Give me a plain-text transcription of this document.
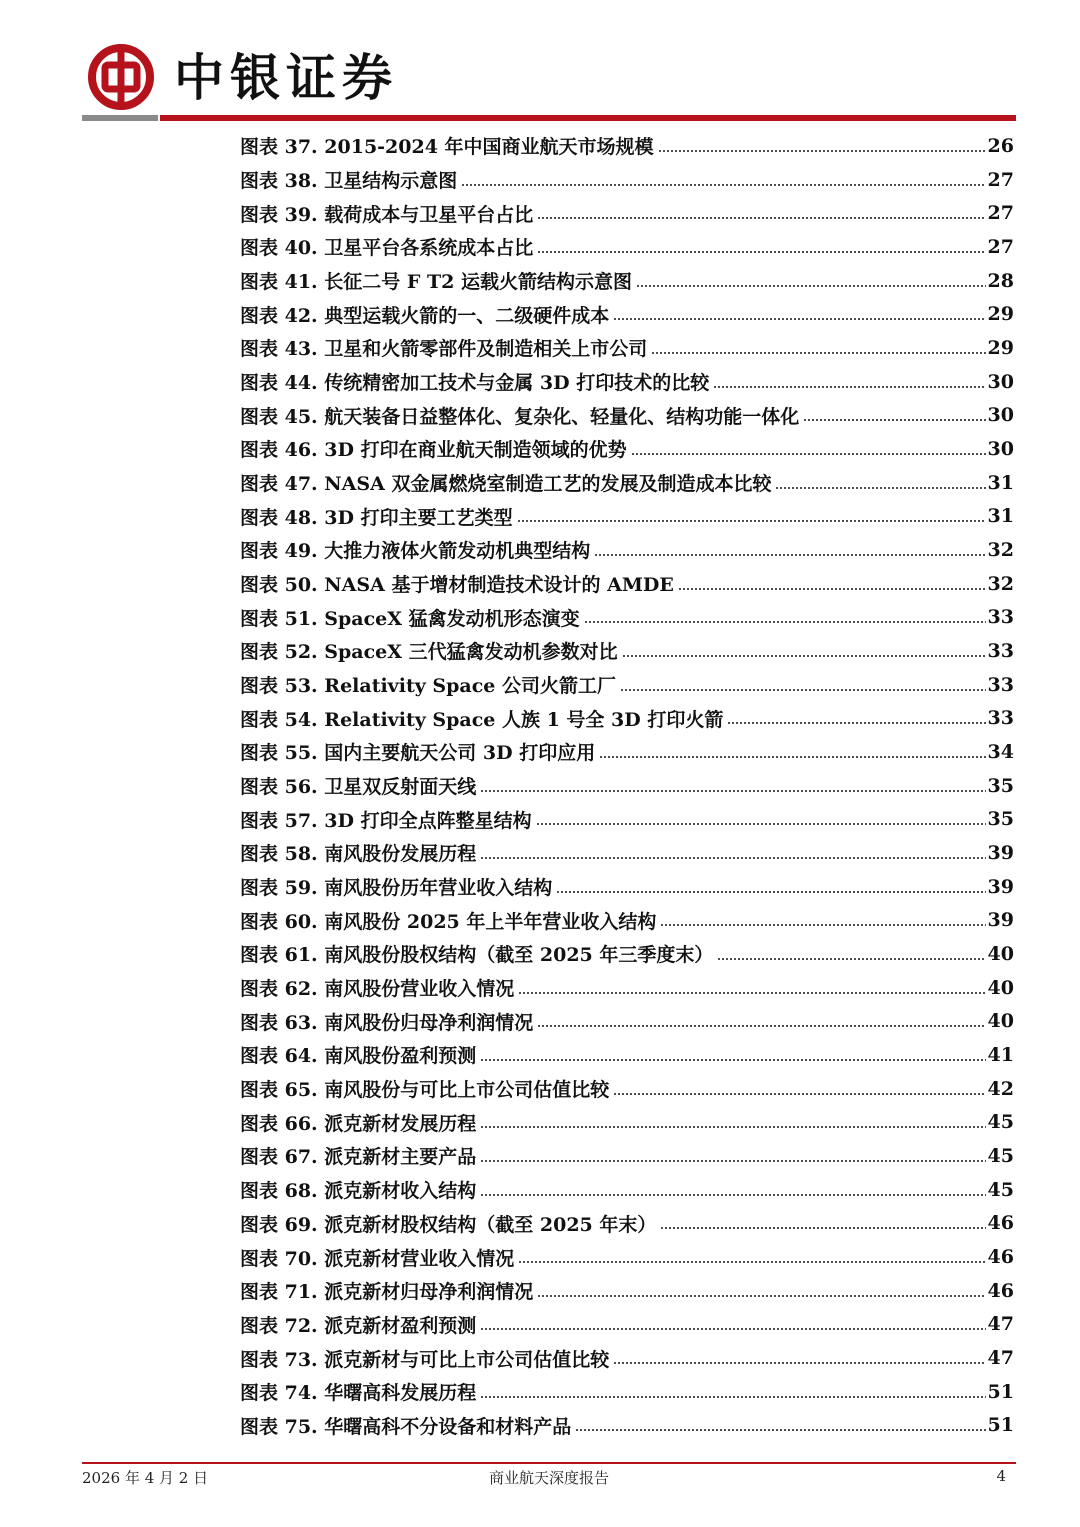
中银证券
图表 37. 2015-2024 年中国商业航天市场规模	26
图表 38. 卫星结构示意图	27
图表 39. 载荷成本与卫星平台占比	27
图表 40. 卫星平台各系统成本占比	27
图表 41. 长征二号 F T2 运载火箭结构示意图	28
图表 42. 典型运载火箭的一、二级硬件成本	29
图表 43. 卫星和火箭零部件及制造相关上市公司	29
图表 44. 传统精密加工技术与金属 3D 打印技术的比较	30
图表 45. 航天装备日益整体化、复杂化、轻量化、结构功能一体化	30
图表 46. 3D 打印在商业航天制造领域的优势	30
图表 47. NASA 双金属燃烧室制造工艺的发展及制造成本比较	31
图表 48. 3D 打印主要工艺类型	31
图表 49. 大推力液体火箭发动机典型结构	32
图表 50. NASA 基于增材制造技术设计的 AMDE	32
图表 51. SpaceX 猛禽发动机形态演变	33
图表 52. SpaceX 三代猛禽发动机参数对比	33
图表 53. Relativity Space 公司火箭工厂	33
图表 54. Relativity Space 人族 1 号全 3D 打印火箭	33
图表 55. 国内主要航天公司 3D 打印应用	34
图表 56. 卫星双反射面天线	35
图表 57. 3D 打印全点阵整星结构	35
图表 58. 南风股份发展历程	39
图表 59. 南风股份历年营业收入结构	39
图表 60. 南风股份 2025 年上半年营业收入结构	39
图表 61. 南风股份股权结构（截至 2025 年三季度末）	40
图表 62. 南风股份营业收入情况	40
图表 63. 南风股份归母净利润情况	40
图表 64. 南风股份盈利预测	41
图表 65. 南风股份与可比上市公司估值比较	42
图表 66. 派克新材发展历程	45
图表 67. 派克新材主要产品	45
图表 68. 派克新材收入结构	45
图表 69. 派克新材股权结构（截至 2025 年末）	46
图表 70. 派克新材营业收入情况	46
图表 71. 派克新材归母净利润情况	46
图表 72. 派克新材盈利预测	47
图表 73. 派克新材与可比上市公司估值比较	47
图表 74. 华曙高科发展历程	51
图表 75. 华曙高科不分设备和材料产品	51
2026 年 4 月 2 日	商业航天深度报告	4
